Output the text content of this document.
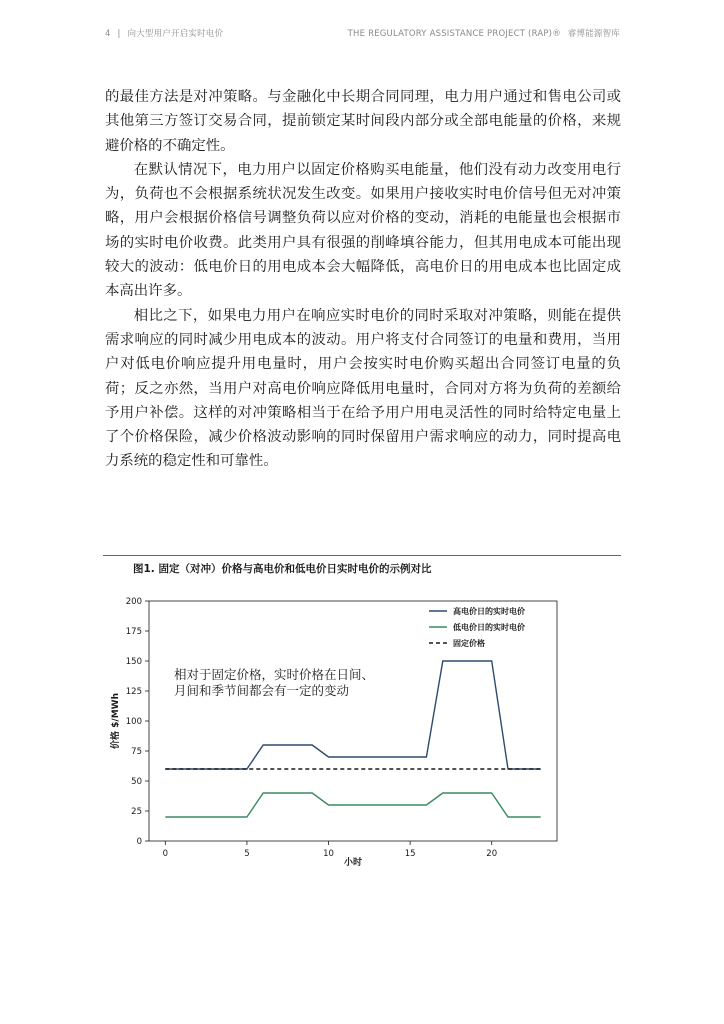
4 | 向大型用户开启实时电价	THE REGULATORY ASSISTANCE PROJECT (RAP)® 睿博能源智库

的最佳方法是对冲策略。与金融化中长期合同同理，电力用户通过和售电公司或其他第三方签订交易合同，提前锁定某时间段内部分或全部电能量的价格，来规避价格的不确定性。

在默认情况下，电力用户以固定价格购买电能量，他们没有动力改变用电行为，负荷也不会根据系统状况发生改变。如果用户接收实时电价信号但无对冲策略，用户会根据价格信号调整负荷以应对价格的变动，消耗的电能量也会根据市场的实时电价收费。此类用户具有很强的削峰填谷能力，但其用电成本可能出现较大的波动：低电价日的用电成本会大幅降低，高电价日的用电成本也比固定成本高出许多。

相比之下，如果电力用户在响应实时电价的同时采取对冲策略，则能在提供需求响应的同时减少用电成本的波动。用户将支付合同签订的电量和费用，当用户对低电价响应提升用电量时，用户会按实时电价购买超出合同签订电量的负荷；反之亦然，当用户对高电价响应降低用电量时，合同对方将为负荷的差额给予用户补偿。这样的对冲策略相当于在给予用户用电灵活性的同时给特定电量上了个价格保险，减少价格波动影响的同时保留用户需求响应的动力，同时提高电力系统的稳定性和可靠性。

图1. 固定（对冲）价格与高电价和低电价日实时电价的示例对比
0
25
50
75
100
125
150
175
200
0	5	10	15	20
价格 $/MWh
小时
相对于固定价格，实时价格在日间、
月间和季节间都会有一定的变动
高电价日的实时电价
低电价日的实时电价
固定价格
